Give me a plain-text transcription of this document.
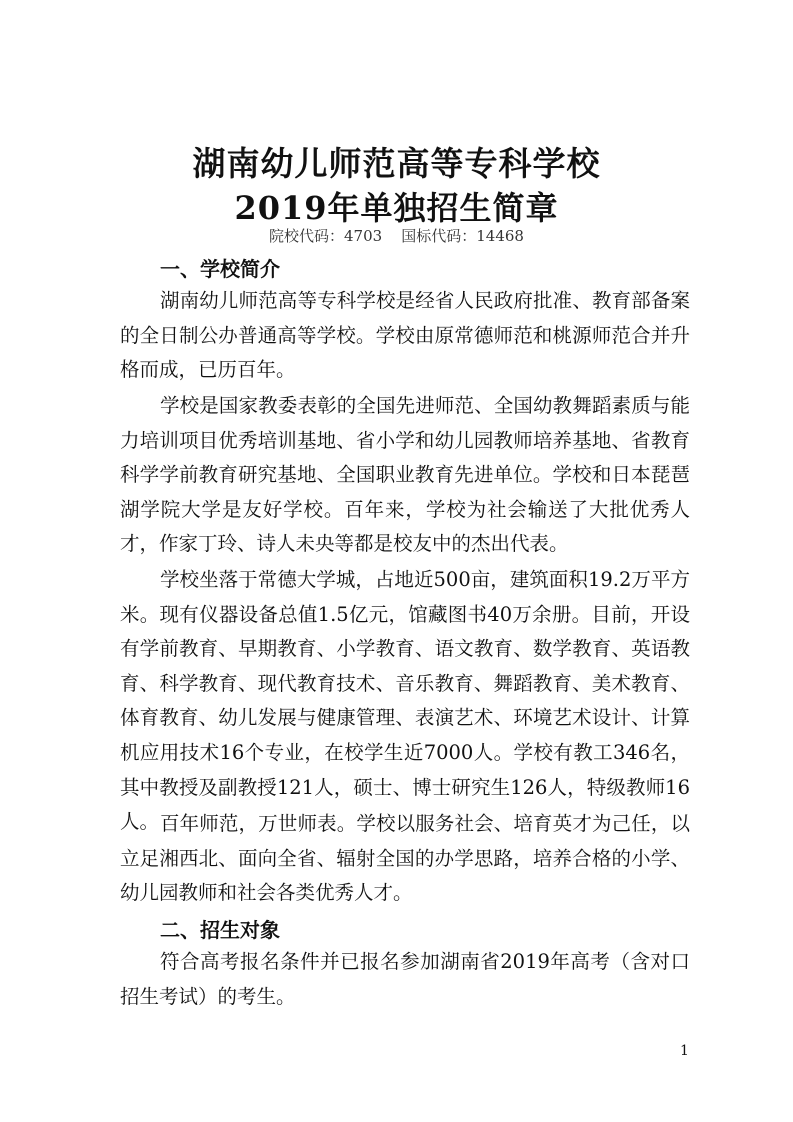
湖南幼儿师范高等专科学校
2019年单独招生简章
院校代码：4703    国标代码：14468
一、学校简介
湖南幼儿师范高等专科学校是经省人民政府批准、教育部备案的全日制公办普通高等学校。学校由原常德师范和桃源师范合并升格而成，已历百年。
学校是国家教委表彰的全国先进师范、全国幼教舞蹈素质与能力培训项目优秀培训基地、省小学和幼儿园教师培养基地、省教育科学学前教育研究基地、全国职业教育先进单位。学校和日本琵琶湖学院大学是友好学校。百年来，学校为社会输送了大批优秀人才，作家丁玲、诗人未央等都是校友中的杰出代表。
学校坐落于常德大学城，占地近500亩，建筑面积19.2万平方米。现有仪器设备总值1.5亿元，馆藏图书40万余册。目前，开设有学前教育、早期教育、小学教育、语文教育、数学教育、英语教育、科学教育、现代教育技术、音乐教育、舞蹈教育、美术教育、体育教育、幼儿发展与健康管理、表演艺术、环境艺术设计、计算机应用技术16个专业，在校学生近7000人。学校有教工346名，其中教授及副教授121人，硕士、博士研究生126人，特级教师16人。 百年师范，万世师表。学校以服务社会、培育英才为己任，以立足湘西北、面向全省、辐射全国的办学思路，培养合格的小学、幼儿园教师和社会各类优秀人才。
二、招生对象
符合高考报名条件并已报名参加湖南省2019年高考（含对口招生考试）的考生。
1
